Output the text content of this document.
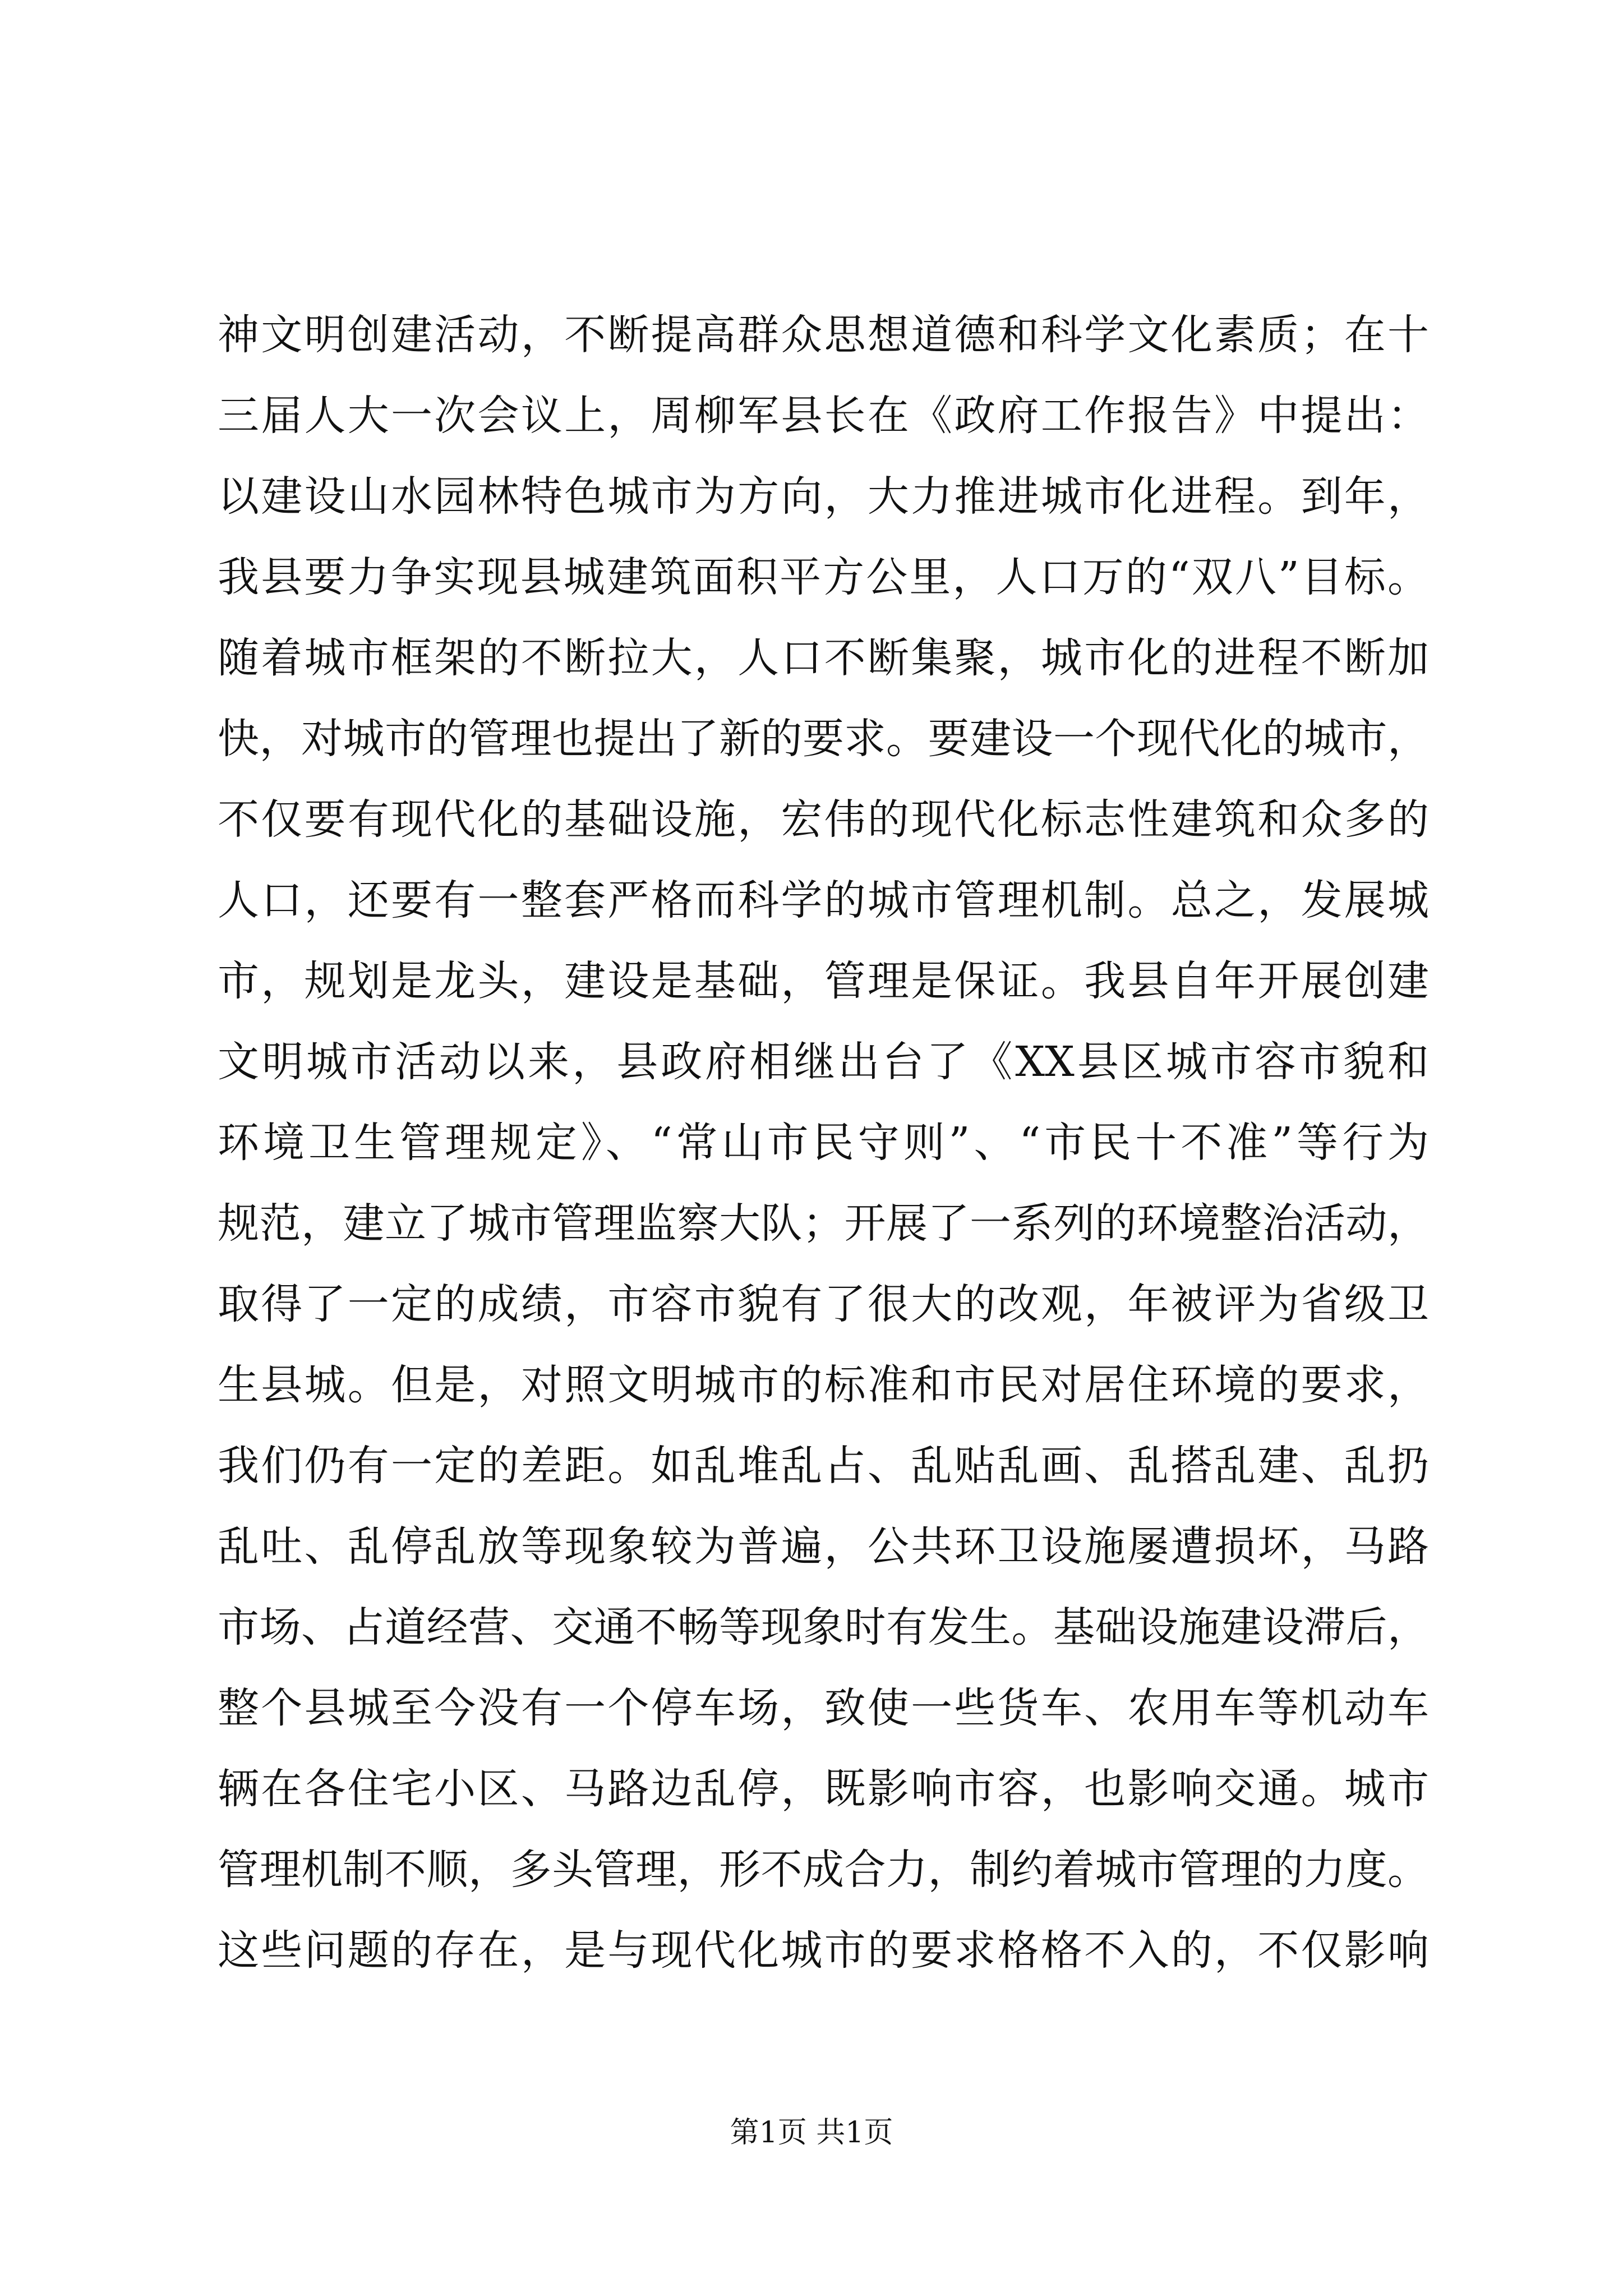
神文明创建活动，不断提高群众思想道德和科学文化素质；在十
三届人大一次会议上，周柳军县长在《政府工作报告》中提出：
以建设山水园林特色城市为方向，大力推进城市化进程。到年，
我县要力争实现县城建筑面积平方公里，人口万的“双八”目标。
随着城市框架的不断拉大，人口不断集聚，城市化的进程不断加
快，对城市的管理也提出了新的要求。要建设一个现代化的城市，
不仅要有现代化的基础设施，宏伟的现代化标志性建筑和众多的
人口，还要有一整套严格而科学的城市管理机制。总之，发展城
市，规划是龙头，建设是基础，管理是保证。我县自年开展创建
文明城市活动以来，县政府相继出台了《XX县区城市容市貌和
环境卫生管理规定》、“常山市民守则”、“市民十不准”等行为
规范，建立了城市管理监察大队；开展了一系列的环境整治活动，
取得了一定的成绩，市容市貌有了很大的改观，年被评为省级卫
生县城。但是，对照文明城市的标准和市民对居住环境的要求，
我们仍有一定的差距。如乱堆乱占、乱贴乱画、乱搭乱建、乱扔
乱吐、乱停乱放等现象较为普遍，公共环卫设施屡遭损坏，马路
市场、占道经营、交通不畅等现象时有发生。基础设施建设滞后，
整个县城至今没有一个停车场，致使一些货车、农用车等机动车
辆在各住宅小区、马路边乱停，既影响市容，也影响交通。城市
管理机制不顺，多头管理，形不成合力，制约着城市管理的力度。
这些问题的存在，是与现代化城市的要求格格不入的，不仅影响
第1页 共1页
